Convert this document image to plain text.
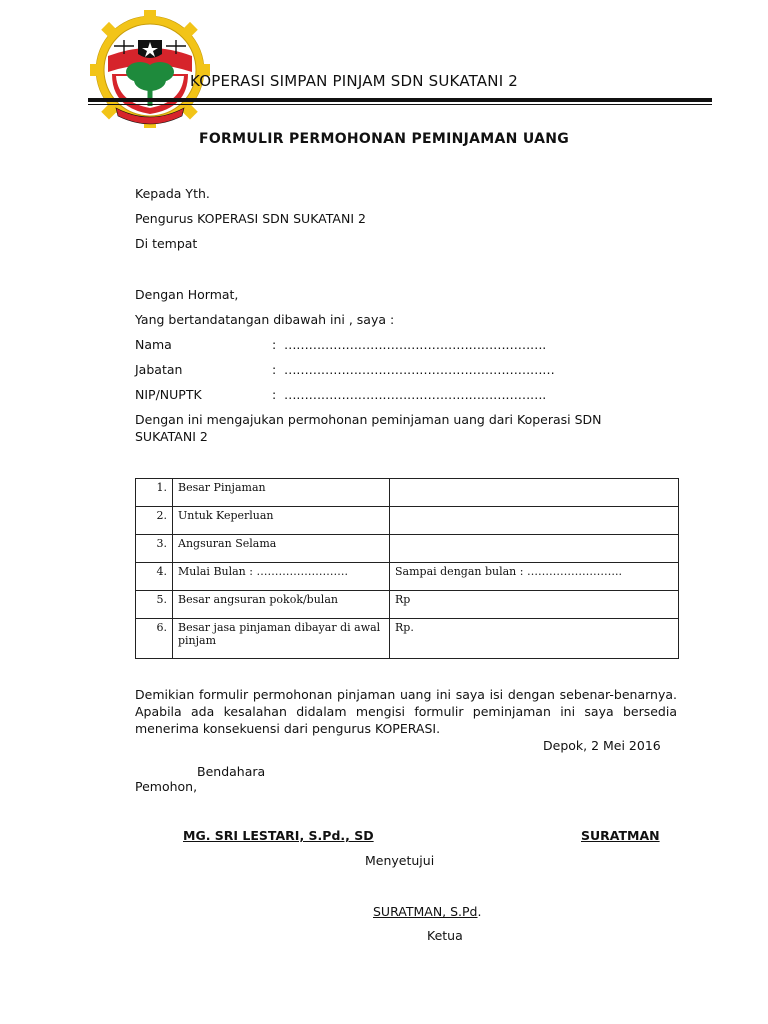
KOPERASI SIMPAN PINJAM SDN SUKATANI 2
FORMULIR PERMOHONAN PEMINJAMAN UANG
Kepada Yth.
Pengurus KOPERASI SDN SUKATANI 2
Di tempat
Dengan Hormat,
Yang bertandatangan dibawah ini , saya :
Nama	: ……………………………………………………….
Jabatan	: …………………………………………………………
NIP/NUPTK	: ……………………………………………………….
Dengan ini mengajukan permohonan peminjaman uang dari Koperasi SDN SUKATANI 2
1.	Besar Pinjaman	
2.	Untuk Keperluan	
3.	Angsuran Selama	
4.	Mulai Bulan : …………………….	Sampai dengan bulan : ……………………..
5.	Besar angsuran pokok/bulan	Rp
6.	Besar jasa pinjaman dibayar di awal pinjam	Rp.
Demikian formulir permohonan pinjaman uang ini saya isi dengan sebenar-benarnya. Apabila ada kesalahan didalam mengisi formulir peminjaman ini saya bersedia menerima konsekuensi dari pengurus KOPERASI.
Depok, 2 Mei 2016
Bendahara
Pemohon,
MG. SRI LESTARI, S.Pd., SD	SURATMAN
Menyetujui
SURATMAN, S.Pd.
Ketua
